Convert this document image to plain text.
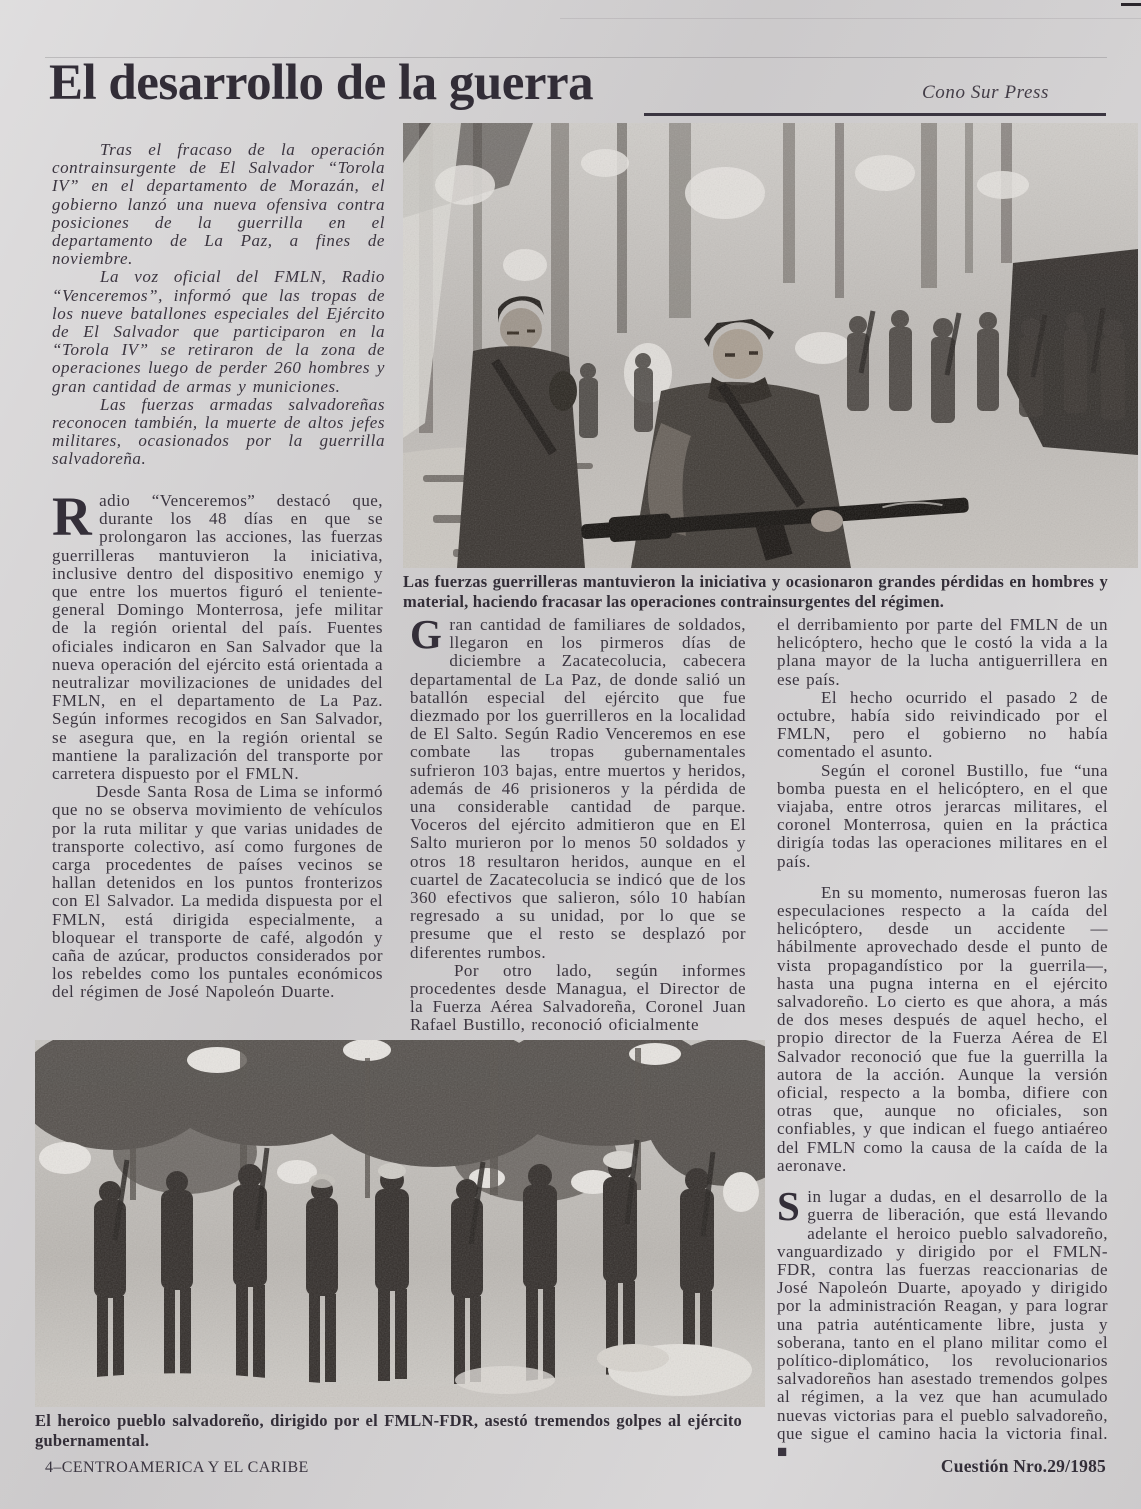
El desarrollo de la guerra	Cono Sur Press

Tras el fracaso de la operación contrainsurgente de El Salvador “Torola IV” en el departamento de Morazán, el gobierno lanzó una nueva ofensiva contra posiciones de la guerrilla en el departamento de La Paz, a fines de noviembre.

La voz oficial del FMLN, Radio “Venceremos”, informó que las tropas de los nueve batallones especiales del Ejército de El Salvador que participaron en la “Torola IV” se retiraron de la zona de operaciones luego de perder 260 hombres y gran cantidad de armas y municiones.

Las fuerzas armadas salvadoreñas reconocen también, la muerte de altos jefes militares, ocasionados por la guerrilla salvadoreña.

Las fuerzas guerrilleras mantuvieron la iniciativa y ocasionaron grandes pérdidas en hombres y material, haciendo fracasar las operaciones contrainsurgentes del régimen.

Radio “Venceremos” destacó que, durante los 48 días en que se prolongaron las acciones, las fuerzas guerrilleras mantuvieron la iniciativa, inclusive dentro del dispositivo enemigo y que entre los muertos figuró el teniente-general Domingo Monterrosa, jefe militar de la región oriental del país. Fuentes oficiales indicaron en San Salvador que la nueva operación del ejército está orientada a neutralizar movilizaciones de unidades del FMLN, en el departamento de La Paz. Según informes recogidos en San Salvador, se asegura que, en la región oriental se mantiene la paralización del transporte por carretera dispuesto por el FMLN.

Desde Santa Rosa de Lima se informó que no se observa movimiento de vehículos por la ruta militar y que varias unidades de transporte colectivo, así como furgones de carga procedentes de países vecinos se hallan detenidos en los puntos fronterizos con El Salvador. La medida dispuesta por el FMLN, está dirigida especialmente, a bloquear el transporte de café, algodón y caña de azúcar, productos considerados por los rebeldes como los puntales económicos del régimen de José Napoleón Duarte.

Gran cantidad de familiares de soldados, llegaron en los pirmeros días de diciembre a Zacatecolucia, cabecera departamental de La Paz, de donde salió un batallón especial del ejército que fue diezmado por los guerrilleros en la localidad de El Salto. Según Radio Venceremos en ese combate las tropas gubernamentales sufrieron 103 bajas, entre muertos y heridos, además de 46 prisioneros y la pérdida de una considerable cantidad de parque. Voceros del ejército admitieron que en El Salto murieron por lo menos 50 soldados y otros 18 resultaron heridos, aunque en el cuartel de Zacatecolucia se indicó que de los 360 efectivos que salieron, sólo 10 habían regresado a su unidad, por lo que se presume que el resto se desplazó por diferentes rumbos.

Por otro lado, según informes procedentes desde Managua, el Director de la Fuerza Aérea Salvadoreña, Coronel Juan Rafael Bustillo, reconoció oficialmente

el derribamiento por parte del FMLN de un helicóptero, hecho que le costó la vida a la plana mayor de la lucha antiguerrillera en ese país.

El hecho ocurrido el pasado 2 de octubre, había sido reivindicado por el FMLN, pero el gobierno no había comentado el asunto.

Según el coronel Bustillo, fue “una bomba puesta en el helicóptero, en el que viajaba, entre otros jerarcas militares, el coronel Monterrosa, quien en la práctica dirigía todas las operaciones militares en el país.

En su momento, numerosas fueron las especulaciones respecto a la caída del helicóptero, desde un accidente —hábilmente aprovechado desde el punto de vista propagandístico por la guerrila—, hasta una pugna interna en el ejército salvadoreño. Lo cierto es que ahora, a más de dos meses después de aquel hecho, el propio director de la Fuerza Aérea de El Salvador reconoció que fue la guerrilla la autora de la acción. Aunque la versión oficial, respecto a la bomba, difiere con otras que, aunque no oficiales, son confiables, y que indican el fuego antiaéreo del FMLN como la causa de la caída de la aeronave.

Sin lugar a dudas, en el desarrollo de la guerra de liberación, que está llevando adelante el heroico pueblo salvadoreño, vanguardizado y dirigido por el FMLN-FDR, contra las fuerzas reaccionarias de José Napoleón Duarte, apoyado y dirigido por la administración Reagan, y para lograr una patria auténticamente libre, justa y soberana, tanto en el plano militar como el político-diplomático, los revolucionarios salvadoreños han asestado tremendos golpes al régimen, a la vez que han acumulado nuevas victorias para el pueblo salvadoreño, que sigue el camino hacia la victoria final. ■

El heroico pueblo salvadoreño, dirigido por el FMLN-FDR, asestó tremendos golpes al ejército gubernamental.
4–CENTROAMERICA Y EL CARIBE	Cuestión Nro.29/1985
